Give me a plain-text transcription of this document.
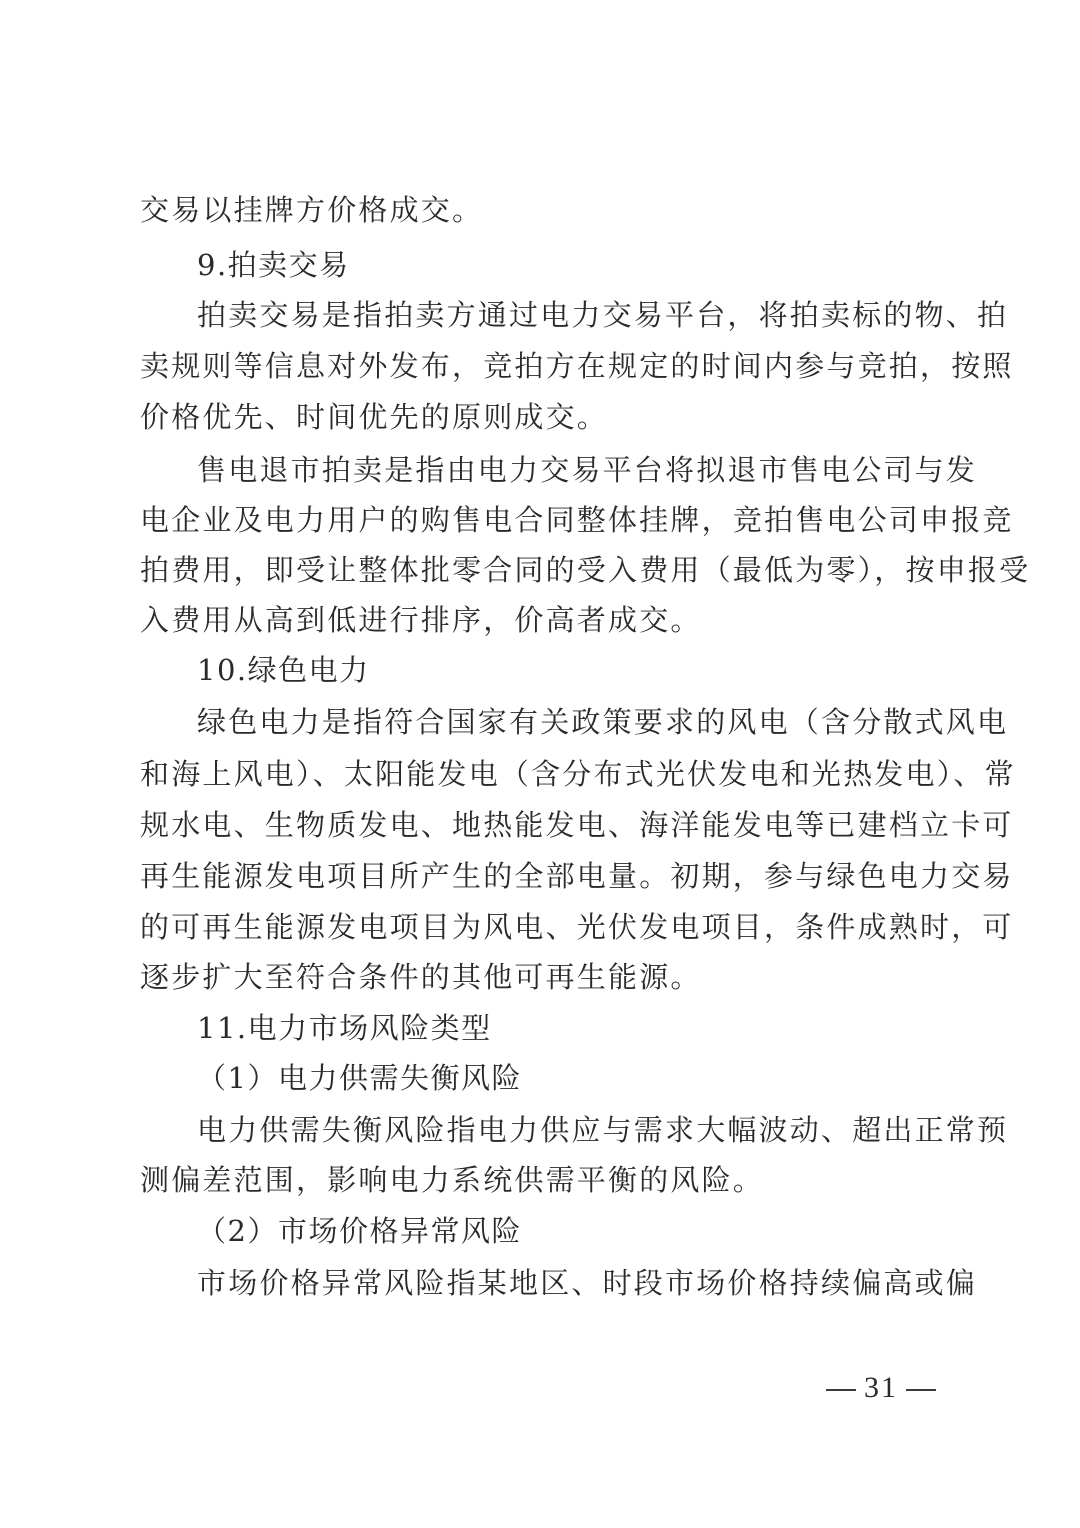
交易以挂牌方价格成交。
9.拍卖交易
拍卖交易是指拍卖方通过电力交易平台，将拍卖标的物、拍
卖规则等信息对外发布，竞拍方在规定的时间内参与竞拍，按照
价格优先、时间优先的原则成交。
售电退市拍卖是指由电力交易平台将拟退市售电公司与发
电企业及电力用户的购售电合同整体挂牌，竞拍售电公司申报竞
拍费用，即受让整体批零合同的受入费用（最低为零），按申报受
入费用从高到低进行排序，价高者成交。
10.绿色电力
绿色电力是指符合国家有关政策要求的风电（含分散式风电
和海上风电）、太阳能发电（含分布式光伏发电和光热发电）、常
规水电、生物质发电、地热能发电、海洋能发电等已建档立卡可
再生能源发电项目所产生的全部电量。初期，参与绿色电力交易
的可再生能源发电项目为风电、光伏发电项目，条件成熟时，可
逐步扩大至符合条件的其他可再生能源。
11.电力市场风险类型
（1）电力供需失衡风险
电力供需失衡风险指电力供应与需求大幅波动、超出正常预
测偏差范围，影响电力系统供需平衡的风险。
（2）市场价格异常风险
市场价格异常风险指某地区、时段市场价格持续偏高或偏
31
